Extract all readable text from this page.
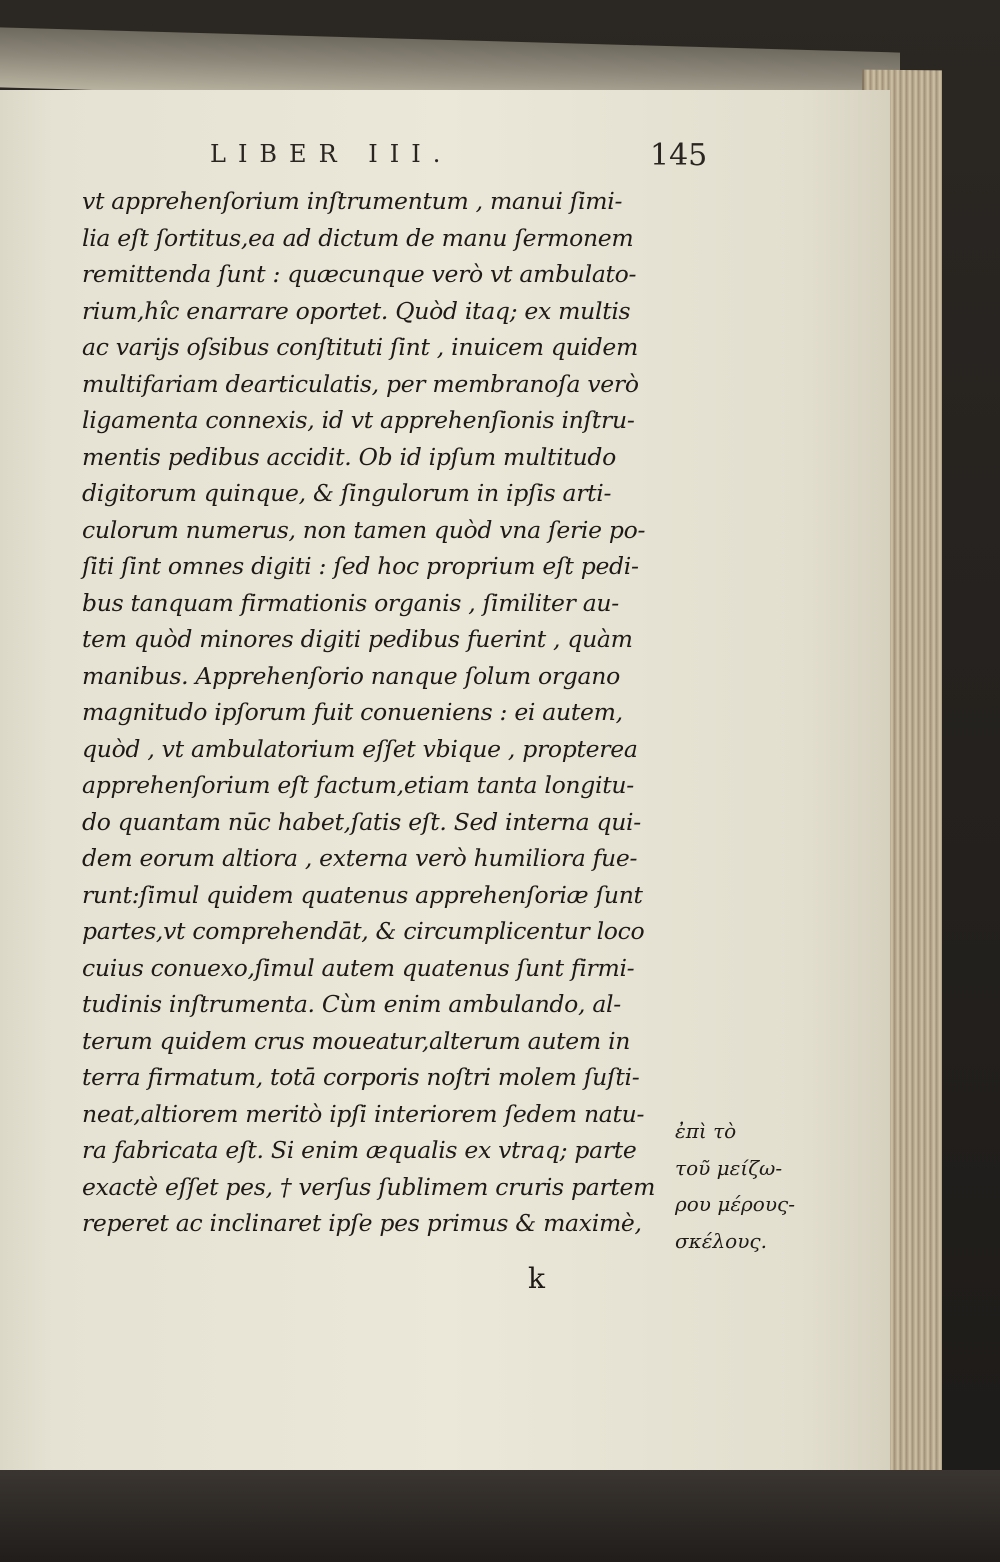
LIBER III.	145
vt apprehenſorium inſtrumentum , manui ſimi-
lia eſt ſortitus,ea ad dictum de manu ſermonem
remittenda ſunt : quæcunque verò vt ambulato-
rium,hîc enarrare oportet. Quòd itaq; ex multis
ac varijs oſsibus conſtituti ſint , inuicem quidem
multifariam dearticulatis, per membranoſa verò
ligamenta connexis, id vt apprehenſionis inſtru-
mentis pedibus accidit. Ob id ipſum multitudo
digitorum quinque, & ſingulorum in ipſis arti-
culorum numerus, non tamen quòd vna ſerie po-
ſiti ſint omnes digiti : ſed hoc proprium eſt pedi-
bus tanquam firmationis organis , ſimiliter au-
tem quòd minores digiti pedibus fuerint , quàm
manibus. Apprehenſorio nanque ſolum organo
magnitudo ipſorum fuit conueniens : ei autem,
quòd , vt ambulatorium eſſet vbique , propterea
apprehenſorium eſt factum,etiam tanta longitu-
do quantam nūc habet,ſatis eſt. Sed interna qui-
dem eorum altiora , externa verò humiliora fue-
runt:ſimul quidem quatenus apprehenſoriæ ſunt
partes,vt comprehendāt, & circumplicentur loco
cuius conuexo,ſimul autem quatenus ſunt firmi-
tudinis inſtrumenta. Cùm enim ambulando, al-
terum quidem crus moueatur,alterum autem in
terra firmatum, totā corporis noſtri molem ſuſti-
neat,altiorem meritò ipſi interiorem ſedem natu-
ra fabricata eſt. Si enim æqualis ex vtraq; parte
exactè eſſet pes, † verſus ſublimem cruris partem
reperet ac inclinaret ipſe pes primus & maximè,
ἐπὶ τὸ
τοῦ μείζω-
ρου μέρους-
σκέλους.
k
